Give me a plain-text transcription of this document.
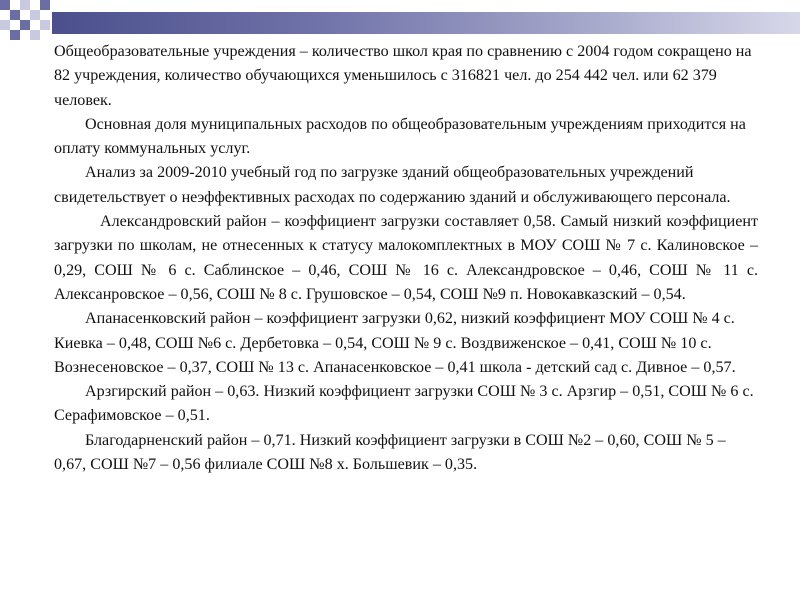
Общеобразовательные учреждения – количество школ края по сравнению с 2004 годом сокращено на 82 учреждения, количество обучающихся уменьшилось с 316821 чел. до 254 442 чел. или 62 379 человек.

Основная доля муниципальных расходов по общеобразовательным учреждениям приходится на оплату коммунальных услуг.

Анализ за 2009-2010 учебный год по загрузке зданий общеобразовательных учреждений свидетельствует о неэффективных расходах по содержанию зданий и обслуживающего персонала.

Александровский район – коэффициент загрузки составляет 0,58. Самый низкий коэффициент загрузки по школам, не отнесенных к статусу малокомплектных в МОУ СОШ № 7 с. Калиновское – 0,29, СОШ № 6 с. Саблинское – 0,46, СОШ № 16 с. Александровское – 0,46, СОШ № 11 с. Алексанровское – 0,56, СОШ № 8 с. Грушовское – 0,54, СОШ №9 п. Новокавказский – 0,54.

Апанасенковский район – коэффициент загрузки 0,62, низкий коэффициент МОУ СОШ № 4 с. Киевка – 0,48, СОШ №6 с. Дербетовка – 0,54, СОШ № 9 с. Воздвиженское – 0,41, СОШ № 10 с. Вознесеновское – 0,37, СОШ № 13 с. Апанасенковское – 0,41 школа - детский сад с. Дивное – 0,57.

Арзгирский район – 0,63. Низкий коэффициент загрузки СОШ № 3 с. Арзгир – 0,51, СОШ № 6 с. Серафимовское – 0,51.

Благодарненский район – 0,71. Низкий коэффициент загрузки в СОШ №2 – 0,60, СОШ № 5 – 0,67, СОШ №7 – 0,56 филиале СОШ №8 х. Большевик – 0,35.
